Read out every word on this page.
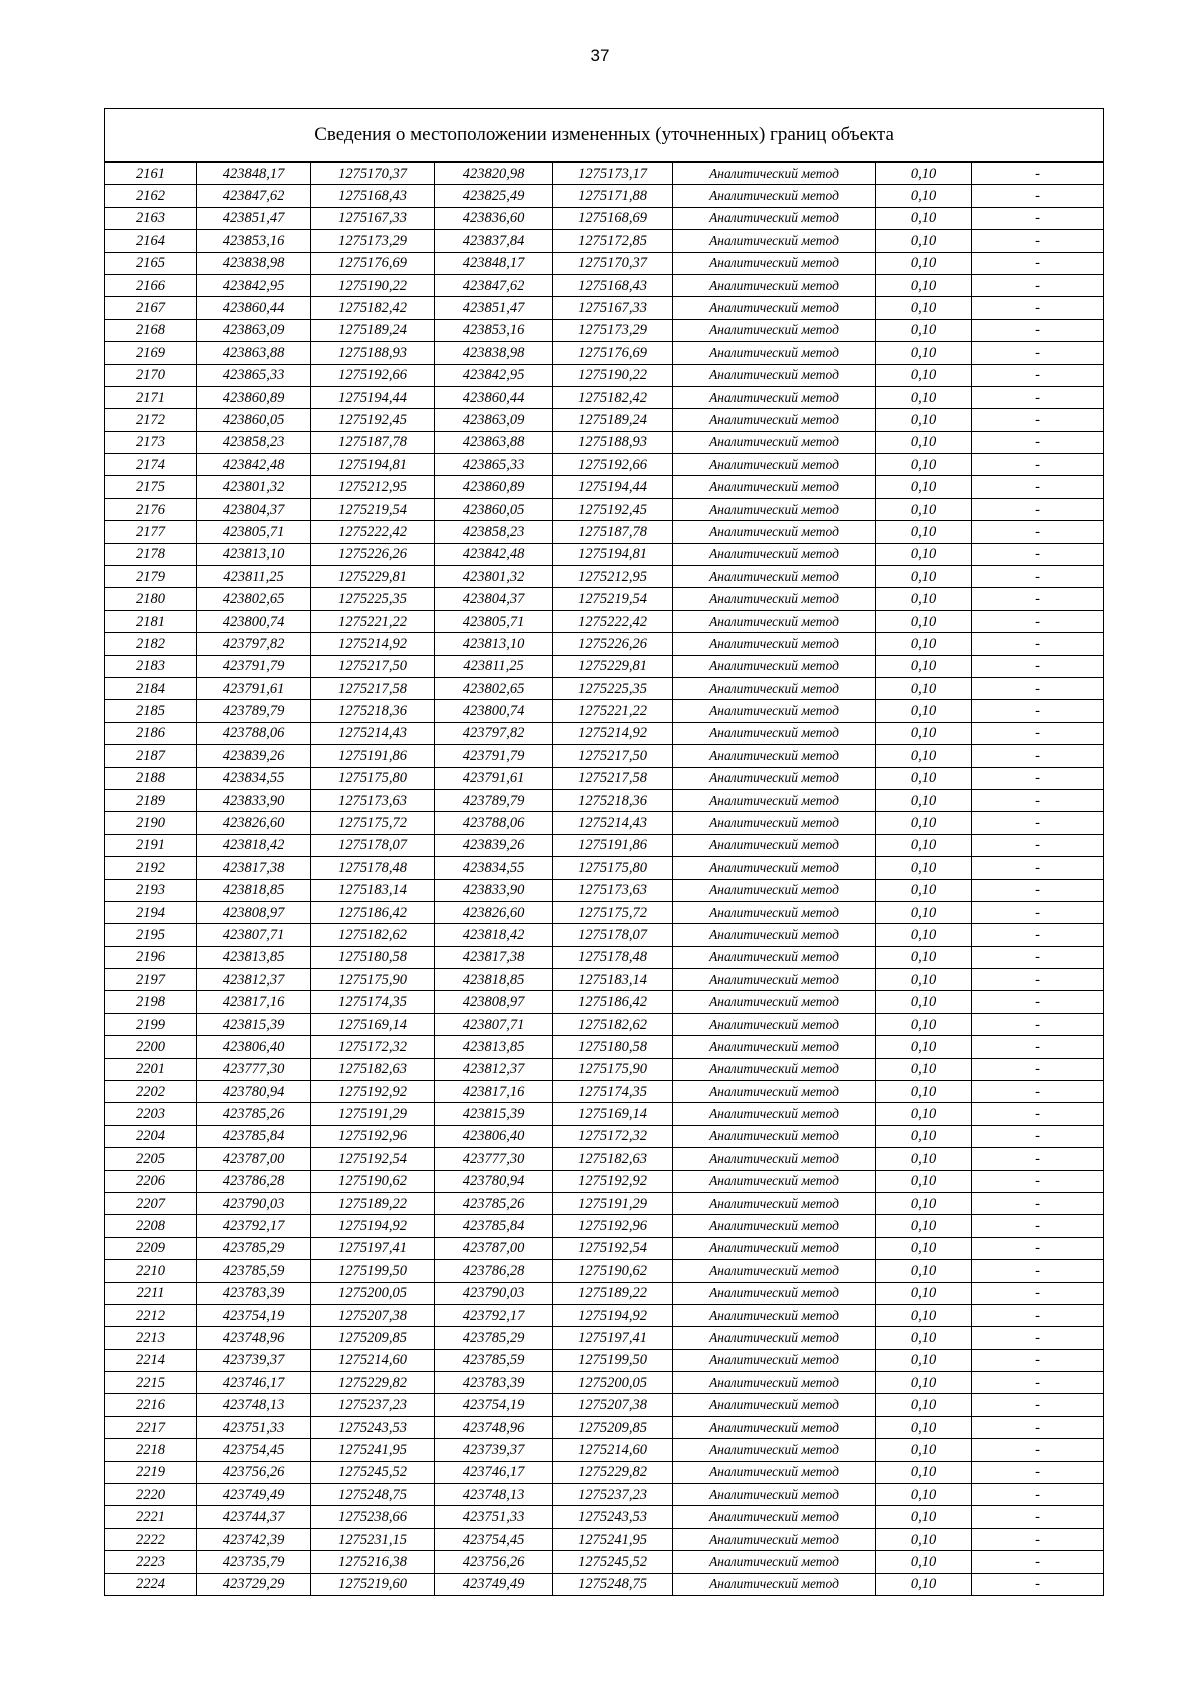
37
Сведения о местоположении измененных (уточненных) границ объекта							
2161	423848,17	1275170,37	423820,98	1275173,17	Аналитический метод	0,10	-
2162	423847,62	1275168,43	423825,49	1275171,88	Аналитический метод	0,10	-
2163	423851,47	1275167,33	423836,60	1275168,69	Аналитический метод	0,10	-
2164	423853,16	1275173,29	423837,84	1275172,85	Аналитический метод	0,10	-
2165	423838,98	1275176,69	423848,17	1275170,37	Аналитический метод	0,10	-
2166	423842,95	1275190,22	423847,62	1275168,43	Аналитический метод	0,10	-
2167	423860,44	1275182,42	423851,47	1275167,33	Аналитический метод	0,10	-
2168	423863,09	1275189,24	423853,16	1275173,29	Аналитический метод	0,10	-
2169	423863,88	1275188,93	423838,98	1275176,69	Аналитический метод	0,10	-
2170	423865,33	1275192,66	423842,95	1275190,22	Аналитический метод	0,10	-
2171	423860,89	1275194,44	423860,44	1275182,42	Аналитический метод	0,10	-
2172	423860,05	1275192,45	423863,09	1275189,24	Аналитический метод	0,10	-
2173	423858,23	1275187,78	423863,88	1275188,93	Аналитический метод	0,10	-
2174	423842,48	1275194,81	423865,33	1275192,66	Аналитический метод	0,10	-
2175	423801,32	1275212,95	423860,89	1275194,44	Аналитический метод	0,10	-
2176	423804,37	1275219,54	423860,05	1275192,45	Аналитический метод	0,10	-
2177	423805,71	1275222,42	423858,23	1275187,78	Аналитический метод	0,10	-
2178	423813,10	1275226,26	423842,48	1275194,81	Аналитический метод	0,10	-
2179	423811,25	1275229,81	423801,32	1275212,95	Аналитический метод	0,10	-
2180	423802,65	1275225,35	423804,37	1275219,54	Аналитический метод	0,10	-
2181	423800,74	1275221,22	423805,71	1275222,42	Аналитический метод	0,10	-
2182	423797,82	1275214,92	423813,10	1275226,26	Аналитический метод	0,10	-
2183	423791,79	1275217,50	423811,25	1275229,81	Аналитический метод	0,10	-
2184	423791,61	1275217,58	423802,65	1275225,35	Аналитический метод	0,10	-
2185	423789,79	1275218,36	423800,74	1275221,22	Аналитический метод	0,10	-
2186	423788,06	1275214,43	423797,82	1275214,92	Аналитический метод	0,10	-
2187	423839,26	1275191,86	423791,79	1275217,50	Аналитический метод	0,10	-
2188	423834,55	1275175,80	423791,61	1275217,58	Аналитический метод	0,10	-
2189	423833,90	1275173,63	423789,79	1275218,36	Аналитический метод	0,10	-
2190	423826,60	1275175,72	423788,06	1275214,43	Аналитический метод	0,10	-
2191	423818,42	1275178,07	423839,26	1275191,86	Аналитический метод	0,10	-
2192	423817,38	1275178,48	423834,55	1275175,80	Аналитический метод	0,10	-
2193	423818,85	1275183,14	423833,90	1275173,63	Аналитический метод	0,10	-
2194	423808,97	1275186,42	423826,60	1275175,72	Аналитический метод	0,10	-
2195	423807,71	1275182,62	423818,42	1275178,07	Аналитический метод	0,10	-
2196	423813,85	1275180,58	423817,38	1275178,48	Аналитический метод	0,10	-
2197	423812,37	1275175,90	423818,85	1275183,14	Аналитический метод	0,10	-
2198	423817,16	1275174,35	423808,97	1275186,42	Аналитический метод	0,10	-
2199	423815,39	1275169,14	423807,71	1275182,62	Аналитический метод	0,10	-
2200	423806,40	1275172,32	423813,85	1275180,58	Аналитический метод	0,10	-
2201	423777,30	1275182,63	423812,37	1275175,90	Аналитический метод	0,10	-
2202	423780,94	1275192,92	423817,16	1275174,35	Аналитический метод	0,10	-
2203	423785,26	1275191,29	423815,39	1275169,14	Аналитический метод	0,10	-
2204	423785,84	1275192,96	423806,40	1275172,32	Аналитический метод	0,10	-
2205	423787,00	1275192,54	423777,30	1275182,63	Аналитический метод	0,10	-
2206	423786,28	1275190,62	423780,94	1275192,92	Аналитический метод	0,10	-
2207	423790,03	1275189,22	423785,26	1275191,29	Аналитический метод	0,10	-
2208	423792,17	1275194,92	423785,84	1275192,96	Аналитический метод	0,10	-
2209	423785,29	1275197,41	423787,00	1275192,54	Аналитический метод	0,10	-
2210	423785,59	1275199,50	423786,28	1275190,62	Аналитический метод	0,10	-
2211	423783,39	1275200,05	423790,03	1275189,22	Аналитический метод	0,10	-
2212	423754,19	1275207,38	423792,17	1275194,92	Аналитический метод	0,10	-
2213	423748,96	1275209,85	423785,29	1275197,41	Аналитический метод	0,10	-
2214	423739,37	1275214,60	423785,59	1275199,50	Аналитический метод	0,10	-
2215	423746,17	1275229,82	423783,39	1275200,05	Аналитический метод	0,10	-
2216	423748,13	1275237,23	423754,19	1275207,38	Аналитический метод	0,10	-
2217	423751,33	1275243,53	423748,96	1275209,85	Аналитический метод	0,10	-
2218	423754,45	1275241,95	423739,37	1275214,60	Аналитический метод	0,10	-
2219	423756,26	1275245,52	423746,17	1275229,82	Аналитический метод	0,10	-
2220	423749,49	1275248,75	423748,13	1275237,23	Аналитический метод	0,10	-
2221	423744,37	1275238,66	423751,33	1275243,53	Аналитический метод	0,10	-
2222	423742,39	1275231,15	423754,45	1275241,95	Аналитический метод	0,10	-
2223	423735,79	1275216,38	423756,26	1275245,52	Аналитический метод	0,10	-
2224	423729,29	1275219,60	423749,49	1275248,75	Аналитический метод	0,10	-
